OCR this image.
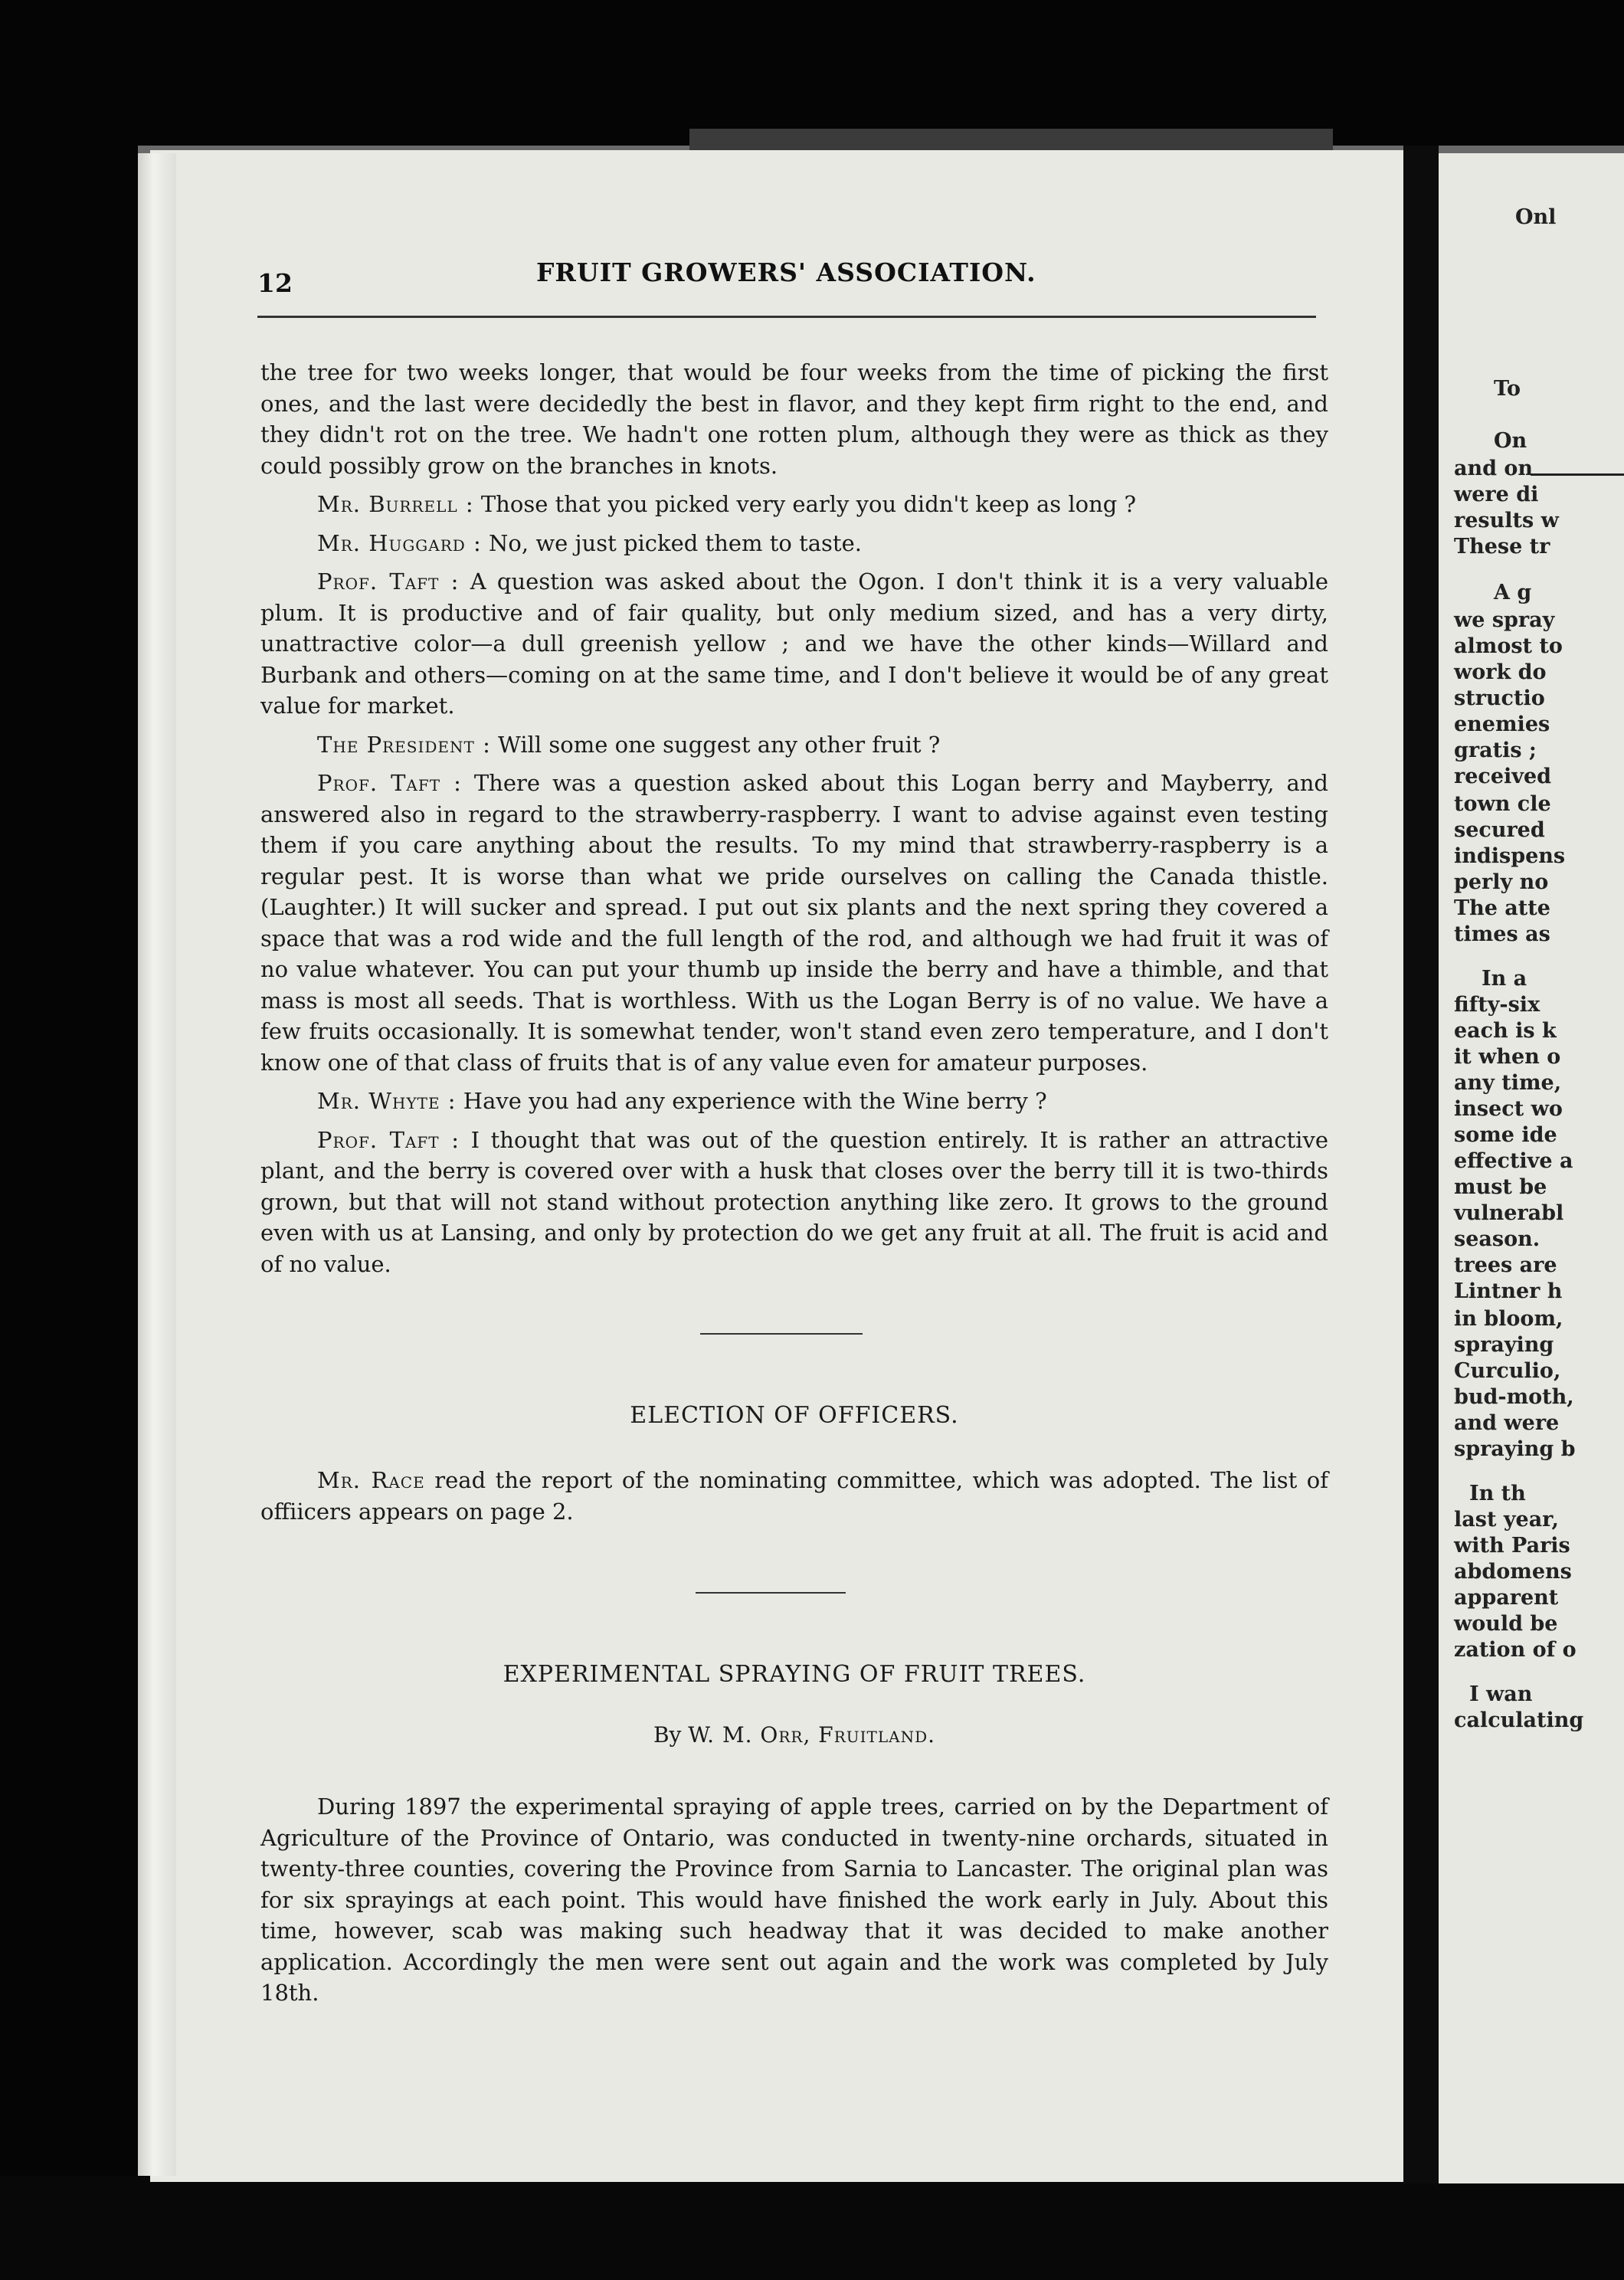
Onl
To
On
and on
were di
results w
These tr
A g
we spray
almost to
work do
structio
enemies
gratis ;
received
town cle
secured
indispens
perly no
The atte
times as
In a
fifty-six
each is k
it when o
any time,
insect wo
some ide
effective a
must be
vulnerabl
season.
trees are
Lintner h
in bloom,
spraying
Curculio,
bud-moth,
and were
spraying b
In th
last year,
with Paris
abdomens
apparent
would be
zation of o
I wan
calculating
12	FRUIT GROWERS' ASSOCIATION.

the tree for two weeks longer, that would be four weeks from the time of picking the first ones, and the last were decidedly the best in flavor, and they kept firm right to the end, and they didn't rot on the tree. We hadn't one rotten plum, although they were as thick as they could possibly grow on the branches in knots.

Mr. Burrell : Those that you picked very early you didn't keep as long ?

Mr. Huggard : No, we just picked them to taste.

Prof. Taft : A question was asked about the Ogon. I don't think it is a very valuable plum. It is productive and of fair quality, but only medium sized, and has a very dirty, unattractive color—a dull greenish yellow ; and we have the other kinds—Willard and Burbank and others—coming on at the same time, and I don't believe it would be of any great value for market.

The President : Will some one suggest any other fruit ?

Prof. Taft : There was a question asked about this Logan berry and Mayberry, and answered also in regard to the strawberry-raspberry. I want to advise against even testing them if you care anything about the results. To my mind that strawberry-raspberry is a regular pest. It is worse than what we pride ourselves on calling the Canada thistle. (Laughter.) It will sucker and spread. I put out six plants and the next spring they covered a space that was a rod wide and the full length of the rod, and although we had fruit it was of no value whatever. You can put your thumb up inside the berry and have a thimble, and that mass is most all seeds. That is worthless. With us the Logan Berry is of no value. We have a few fruits occasionally. It is somewhat tender, won't stand even zero temperature, and I don't know one of that class of fruits that is of any value even for amateur purposes.

Mr. Whyte : Have you had any experience with the Wine berry ?

Prof. Taft : I thought that was out of the question entirely. It is rather an attractive plant, and the berry is covered over with a husk that closes over the berry till it is two-thirds grown, but that will not stand without protection anything like zero. It grows to the ground even with us at Lansing, and only by protection do we get any fruit at all. The fruit is acid and of no value.

ELECTION OF OFFICERS.

Mr. Race read the report of the nominating committee, which was adopted. The list of offiicers appears on page 2.

EXPERIMENTAL SPRAYING OF FRUIT TREES.
By W. M. Orr, Fruitland.

During 1897 the experimental spraying of apple trees, carried on by the Department of Agriculture of the Province of Ontario, was conducted in twenty-nine orchards, situated in twenty-three counties, covering the Province from Sarnia to Lancaster. The original plan was for six sprayings at each point. This would have finished the work early in July. About this time, however, scab was making such headway that it was decided to make another application. Accordingly the men were sent out again and the work was completed by July 18th.
